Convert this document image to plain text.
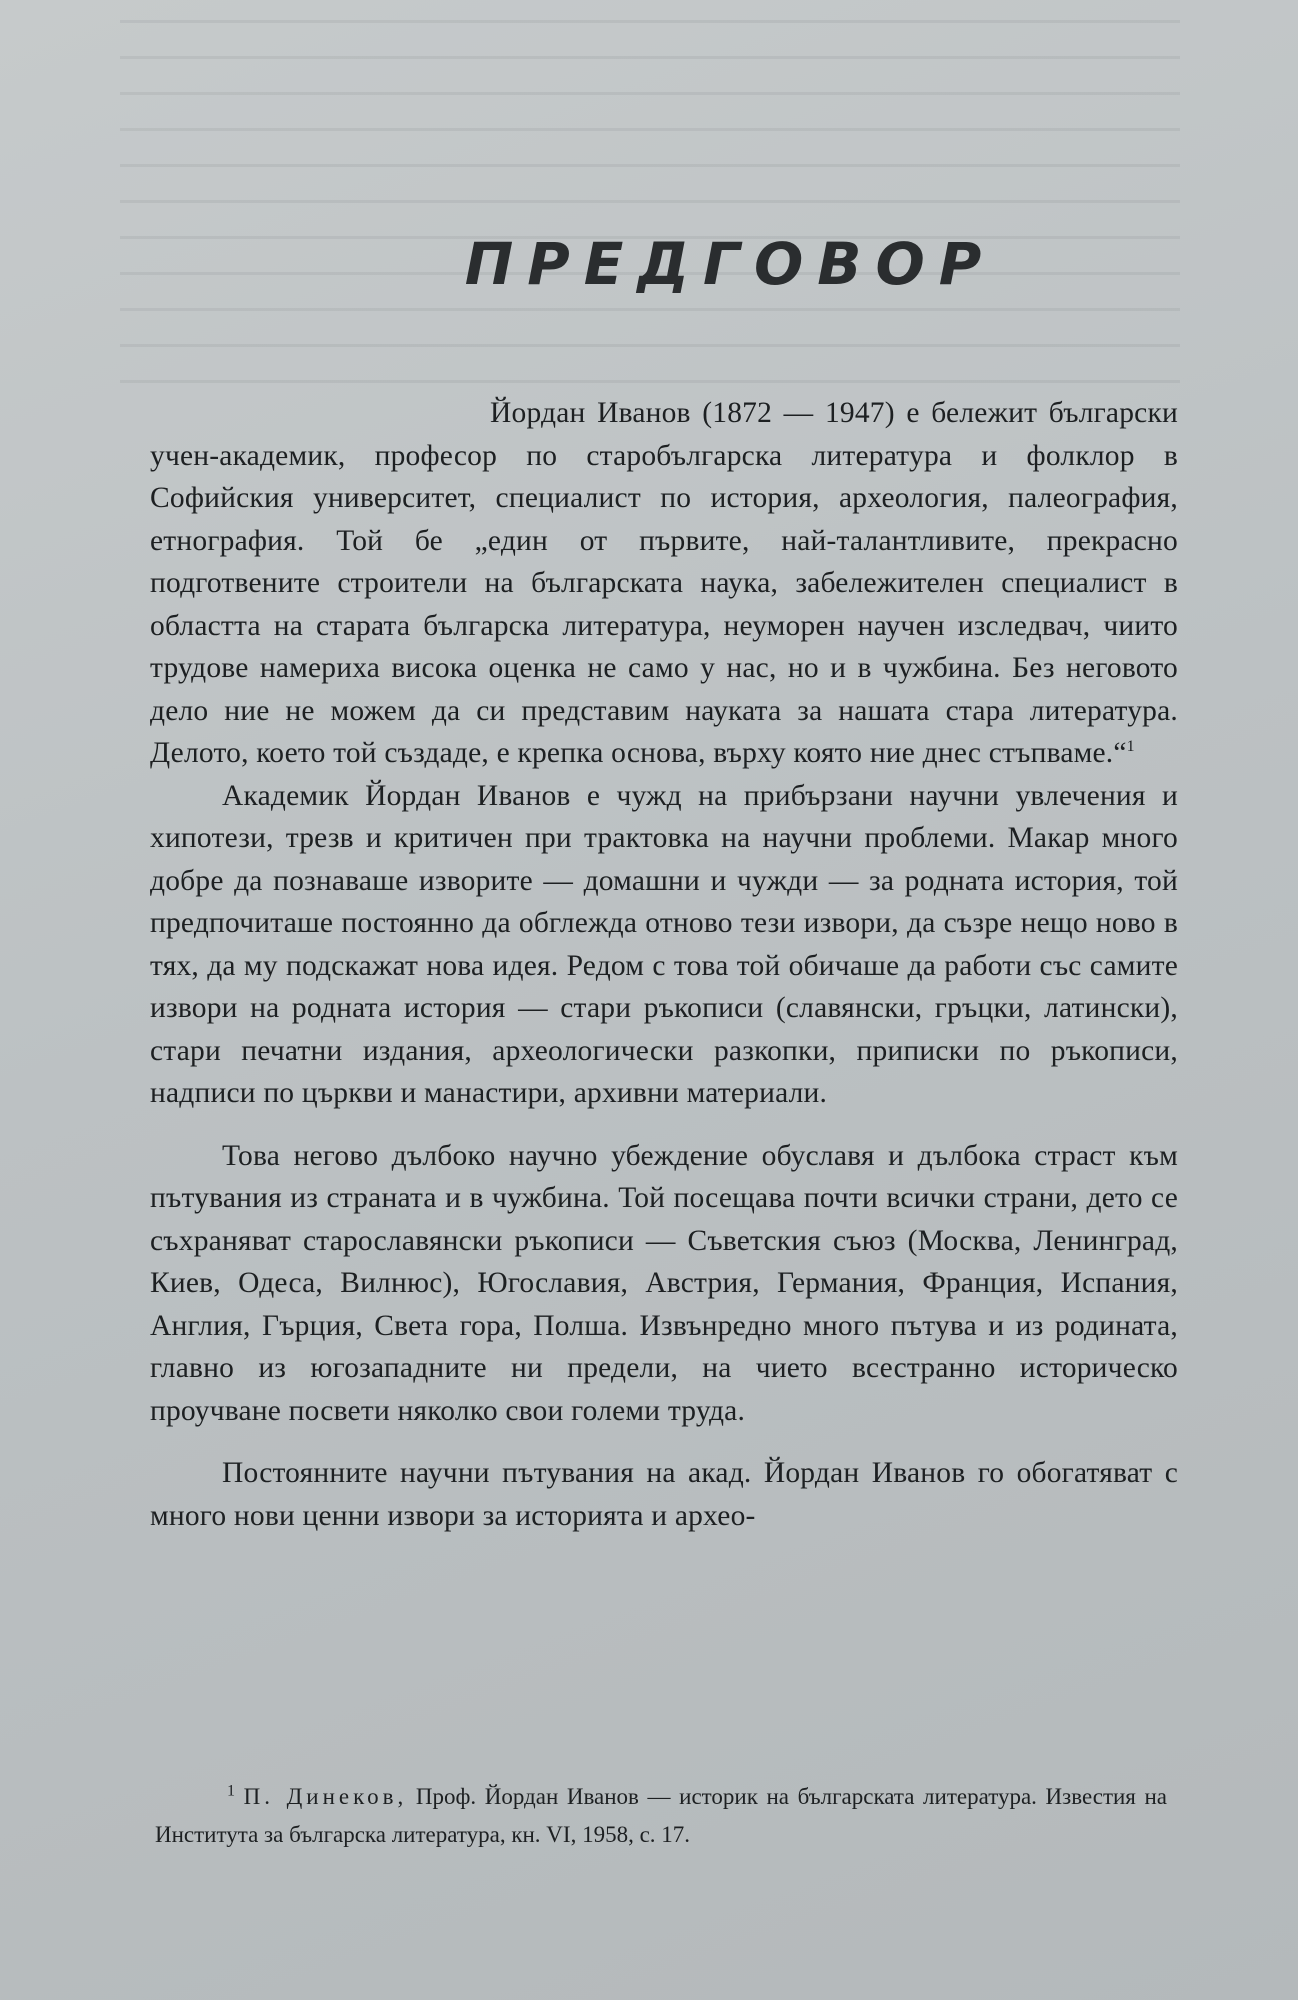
ПРЕДГОВОР

Йордан Иванов (1872 — 1947) е бележит български учен-академик, професор по старобългарска литература и фолклор в Софийския университет, специалист по история, археология, палеография, етнография. Той бе „един от първите, най-талантливите, прекрасно подготвените строители на българската наука, забележителен специалист в областта на старата българска литература, неуморен научен изследвач, чиито трудове намериха висока оценка не само у нас, но и в чужбина. Без неговото дело ние не можем да си представим науката за нашата стара литература. Делото, което той създаде, е крепка основа, върху която ние днес стъпваме.“$^1$

Академик Йордан Иванов е чужд на прибързани научни увлечения и хипотези, трезв и критичен при трактовка на научни проблеми. Макар много добре да познаваше изворите — домашни и чужди — за родната история, той предпочиташе постоянно да обглежда отново тези извори, да съзре нещо ново в тях, да му подскажат нова идея. Редом с това той обичаше да работи със самите извори на родната история — стари ръкописи (славянски, гръцки, латински), стари печатни издания, археологически разкопки, приписки по ръкописи, надписи по църкви и манастири, архивни материали.

Това негово дълбоко научно убеждение обуславя и дълбока страст към пътувания из страната и в чужбина. Той посещава почти всички страни, дето се съхраняват старославянски ръкописи — Съветския съюз (Москва, Ленинград, Киев, Одеса, Вилнюс), Югославия, Австрия, Германия, Франция, Испания, Англия, Гърция, Света гора, Полша. Извънредно много пътува и из родината, главно из югозападните ни предели, на чието всестранно историческо проучване посвети няколко свои големи труда.

Постоянните научни пътувания на акад. Йордан Иванов го обогатяват с много нови ценни извори за историята и архео-

$^1$ П. Динеков, Проф. Йордан Иванов — историк на българската литература. Известия на Института за българска литература, кн. VI, 1958, с. 17.
